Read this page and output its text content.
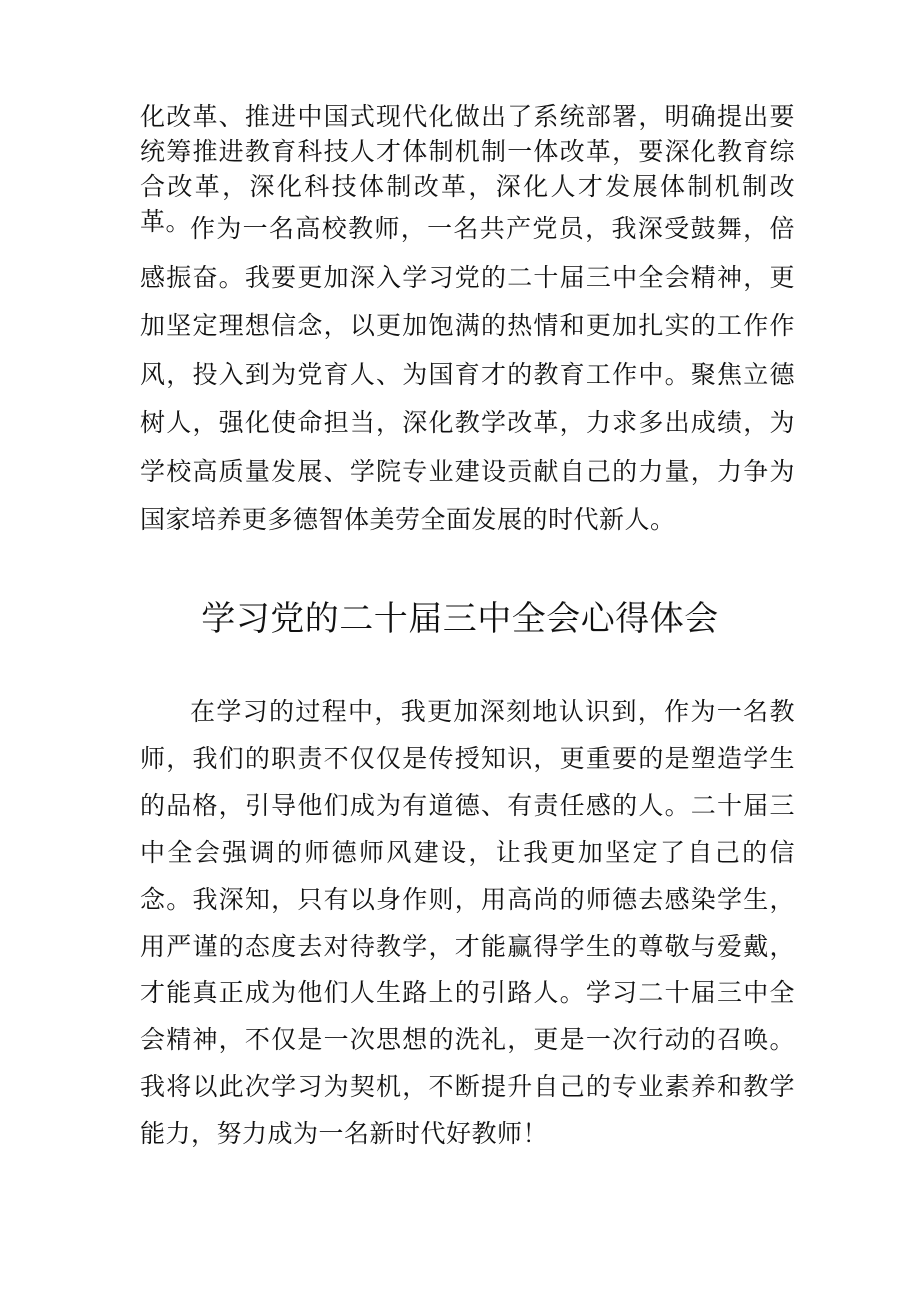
化改革、推进中国式现代化做出了系统部署，明确提出要统筹推进教育科技人才体制机制一体改革，要深化教育综合改革，深化科技体制改革，深化人才发展体制机制改革。

作为一名高校教师，一名共产党员，我深受鼓舞，倍感振奋。我要更加深入学习党的二十届三中全会精神，更加坚定理想信念，以更加饱满的热情和更加扎实的工作作风，投入到为党育人、为国育才的教育工作中。聚焦立德树人，强化使命担当，深化教学改革，力求多出成绩，为学校高质量发展、学院专业建设贡献自己的力量，力争为国家培养更多德智体美劳全面发展的时代新人。

学习党的二十届三中全会心得体会

在学习的过程中，我更加深刻地认识到，作为一名教师，我们的职责不仅仅是传授知识，更重要的是塑造学生的品格，引导他们成为有道德、有责任感的人。二十届三中全会强调的师德师风建设，让我更加坚定了自己的信念。我深知，只有以身作则，用高尚的师德去感染学生，用严谨的态度去对待教学，才能赢得学生的尊敬与爱戴，才能真正成为他们人生路上的引路人。学习二十届三中全会精神，不仅是一次思想的洗礼，更是一次行动的召唤。我将以此次学习为契机，不断提升自己的专业素养和教学能力，努力成为一名新时代好教师！
